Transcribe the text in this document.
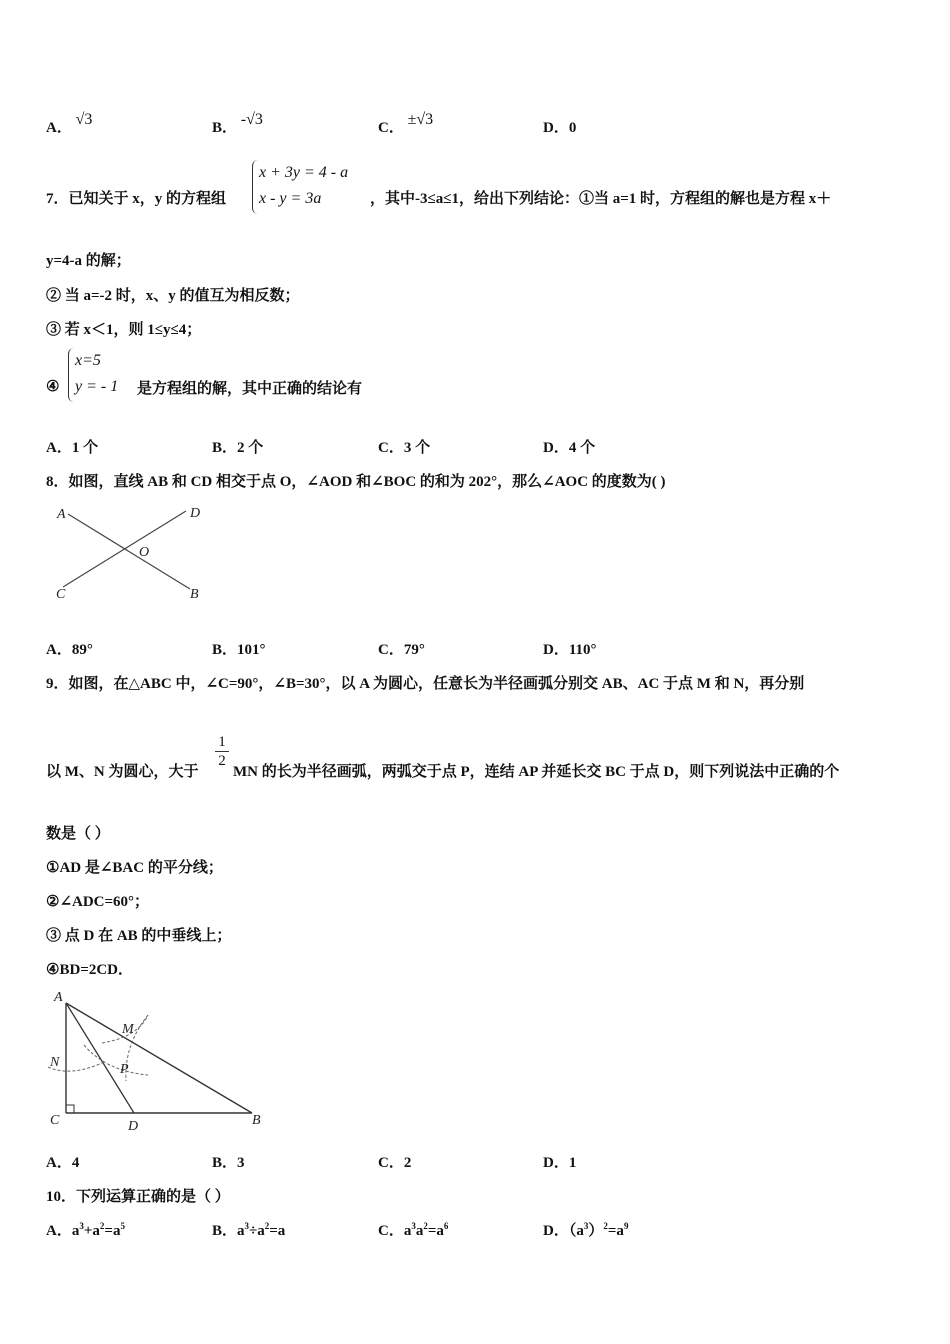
A． √3	B． -√3	C． ±√3	D．0
7．已知关于 x，y 的方程组
x + 3y = 4 - a
x - y = 3a	，其中-3≤a≤1，给出下列结论：①当 a=1 时，方程组的解也是方程 x＋
y=4-a 的解；
② 当 a=-2 时，x、y 的值互为相反数；
③ 若 x＜1，则 1≤y≤4；
④
x=5
y = - 1 是方程组的解，其中正确的结论有
A．1 个	B．2 个	C．3 个	D．4 个
8．如图，直线 AB 和 CD 相交于点 O，∠AOD 和∠BOC 的和为 202°，那么∠AOC 的度数为( )
A	D
O
C	B
A．89°	B．101°	C．79°	D．110°
9．如图，在△ABC 中，∠C=90°，∠B=30°，以 A 为圆心，任意长为半径画弧分别交 AB、AC 于点 M 和 N，再分别
以 M、N 为圆心，大于
$\frac{1}{2}$
MN 的长为半径画弧，两弧交于点 P，连结 AP 并延长交 BC 于点 D，则下列说法中正确的个
数是（ ）
①AD 是∠BAC 的平分线；
②∠ADC=60°；
③ 点 D 在 AB 的中垂线上；
④BD=2CD．
A
M
N	P
C	D	B
A．4	B．3	C．2	D．1
10．下列运算正确的是（ ）
A．$a^3+a^2=a^5$	B．$a^3\div a^2=a$	C．$a^3a^2=a^6$	D．$(a^3)^2=a^9$
